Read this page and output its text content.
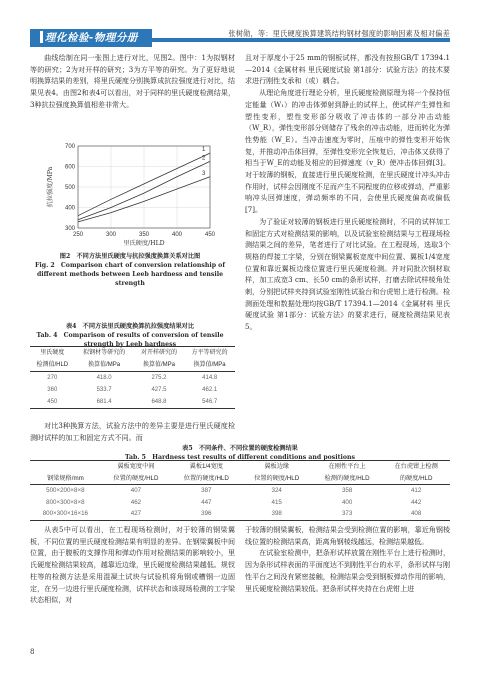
理化检验-物理分册	张树勋，等：里氏硬度换算建筑结构钢材强度的影响因素及相对偏差

曲线绘制在同一张图上进行对比，见图2。图中：1为拟钢材等的研究；2为对开样的研究；3为方平等的研究。为了更好地说明换算结果的差别，将里氏硬度分别换算成抗拉强度进行对比，结果见表4。由图2和表4可以看出，对于同样的里氏硬度检测结果，3种抗拉强度换算值相差非常大。

300
400
500
600
700
250	300	350	400	450
1
2
3
里氏硬度/HLD
抗拉强度/MPa
图2　不同方法里氏硬度与抗拉强度换算关系对比图
Fig. 2　Comparison chart of conversion relationship of different methods between Leeb hardness and tensile strength
表4　不同方法里氏硬度换算抗拉强度结果对比
Tab. 4　Comparison of results of conversion of tensile strength by Leeb hardness
里氏硬度	拟钢材等研究的	对开样研究的	方平等研究的
检测值/HLD	换算值/MPa	换算值/MPa	换算值/MPa
270	418.0	275.2	414.8
360	533.7	427.5	462.1
450	681.4	648.8	546.7

对比3种换算方法，试验方法中的差异主要是进行里氏硬度检测时试样的加工和固定方式不同。而

且对于厚度小于25 mm的钢板试样，都没有按照GB/T 17394.1—2014《金属材料 里氏硬度试验 第1部分：试验方法》的技术要求进行刚性支承和（或）耦合。

从理论角度进行理论分析，里氏硬度检测原理为将一个保持恒定能量（W₁）的冲击体弹射到静止的试样上，使试样产生弹性和塑性变形，塑性变形部分吸收了冲击体的一部分冲击动能（W_R），弹性变形部分则储存了残余的冲击动能，进而转化为弹性势能（W_E）。当冲击速度为零时，压痕中的弹性变形开始恢复，并推动冲击体回弹，至弹性变形完全恢复后，冲击体又获得了相当于W_E的动能及相应的回弹速度（v_R）使冲击体回弹[3]。对于较薄的钢板，直接进行里氏硬度检测，在里氏硬度计冲头冲击作用时，试样会因刚度不足而产生不同程度的位移或弹动，严重影响冲头回弹速度，弹动频率的不同，会使里氏硬度偏高或偏低[7]。

为了验证对较薄的钢板进行里氏硬度检测时，不同的试样加工和固定方式对检测结果的影响，以及试验室检测结果与工程现场检测结果之间的差异，笔者进行了对比试验。在工程现场，选取3个规格的焊接工字梁，分别在钢梁翼板宽度中间位置、翼板1/4宽度位置和靠近翼板边缘位置进行里氏硬度检测。并对同批次钢材取样，加工成宽3 cm、长50 cm的条形试样，打磨去除试样棱角处刺，分别把试样夹持到试验室刚性试验台和台虎钳上进行检测。检测面处理和数据处理均按GB/T 17394.1—2014《金属材料 里氏硬度试验 第1部分：试验方法》的要求进行，硬度检测结果见表5。

表5　不同条件、不同位置的硬度检测结果
Tab. 5　Hardness test results of different conditions and positions
	翼板宽度中间	翼板1/4宽度	翼板边缘	在刚性平台上	在台虎钳上检测
钢梁规格/mm	位置的硬度/HLD	位置的硬度/HLD	位置的硬度/HLD	检测的硬度/HLD	的硬度/HLD
500×200×8×8	407	387	324	358	412
800×300×8×8	462	447	415	400	442
800×300×16×16	427	396	398	373	408

从表5中可以看出，在工程现场检测时，对于较薄的钢梁翼板，不同位置的里氏硬度检测结果有明显的差异。在钢梁翼板中间位置，由于腹板的支撑作用和弹动作用对检测结果的影响较小，里氏硬度检测结果较高，越靠近边缘，里氏硬度检测结果越低。规钗柱等的检测方法是采用混凝土试块与试验机将角钢或槽钢一边固定，在另一边进行里氏硬度检测，试样状态和该现场检测的工字梁状态相似，对

于较薄的钢梁翼板，检测结果会受到检测位置的影响，靠近角钢棱线位置的检测结果高，距离角钢棱线越远，检测结果越低。

在试验室检测中，把条形试样放置在刚性平台上进行检测时，因为条形试样表面的平面度达不到刚性平台的水平，条形试样与刚性平台之间没有紧密接触，检测结果会受到钢板弹动作用的影响，里氏硬度检测结果较低。把条形试样夹持在台虎钳上进

8
